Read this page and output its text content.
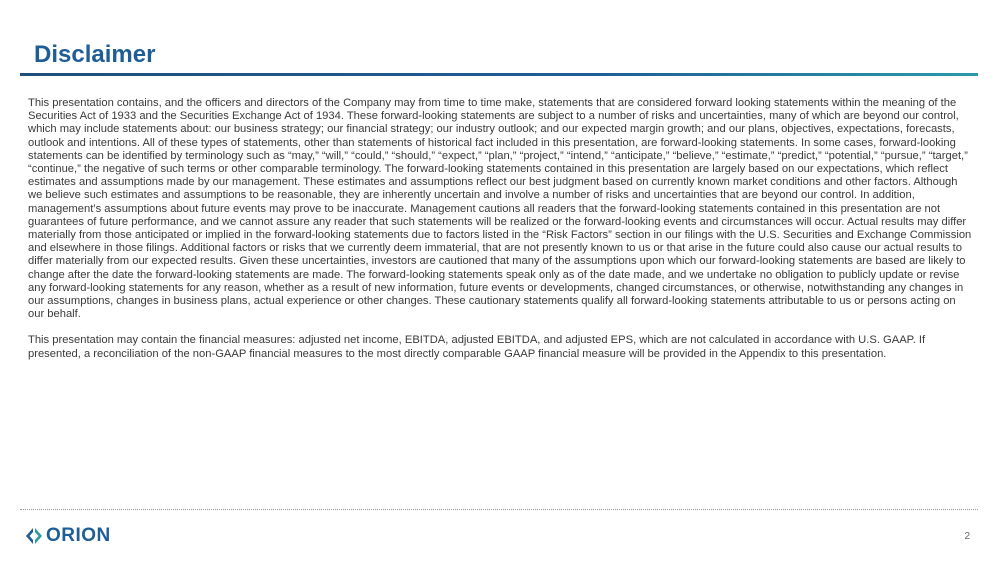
Disclaimer

This presentation contains, and the officers and directors of the Company may from time to time make, statements that are considered forward looking statements within the meaning of the Securities Act of 1933 and the Securities Exchange Act of 1934. These forward-looking statements are subject to a number of risks and uncertainties, many of which are beyond our control, which may include statements about: our business strategy; our financial strategy; our industry outlook; and our expected margin growth; and our plans, objectives, expectations, forecasts, outlook and intentions. All of these types of statements, other than statements of historical fact included in this presentation, are forward-looking statements. In some cases, forward-looking statements can be identified by terminology such as “may,” “will,” “could,” “should,” “expect,” “plan,” “project,” “intend,” “anticipate,” “believe,” “estimate,” “predict,” “potential,” “pursue,” “target,” “continue,” the negative of such terms or other comparable terminology. The forward-looking statements contained in this presentation are largely based on our expectations, which reflect estimates and assumptions made by our management. These estimates and assumptions reflect our best judgment based on currently known market conditions and other factors. Although we believe such estimates and assumptions to be reasonable, they are inherently uncertain and involve a number of risks and uncertainties that are beyond our control. In addition, management’s assumptions about future events may prove to be inaccurate. Management cautions all readers that the forward-looking statements contained in this presentation are not guarantees of future performance, and we cannot assure any reader that such statements will be realized or the forward-looking events and circumstances will occur. Actual results may differ materially from those anticipated or implied in the forward-looking statements due to factors listed in the “Risk Factors” section in our filings with the U.S. Securities and Exchange Commission and elsewhere in those filings. Additional factors or risks that we currently deem immaterial, that are not presently known to us or that arise in the future could also cause our actual results to differ materially from our expected results. Given these uncertainties, investors are cautioned that many of the assumptions upon which our forward-looking statements are based are likely to change after the date the forward-looking statements are made. The forward-looking statements speak only as of the date made, and we undertake no obligation to publicly update or revise any forward-looking statements for any reason, whether as a result of new information, future events or developments, changed circumstances, or otherwise, notwithstanding any changes in our assumptions, changes in business plans, actual experience or other changes. These cautionary statements qualify all forward-looking statements attributable to us or persons acting on our behalf.

This presentation may contain the financial measures: adjusted net income, EBITDA, adjusted EBITDA, and adjusted EPS, which are not calculated in accordance with U.S. GAAP. If presented, a reconciliation of the non-GAAP financial measures to the most directly comparable GAAP financial measure will be provided in the Appendix to this presentation.

ORION	2
